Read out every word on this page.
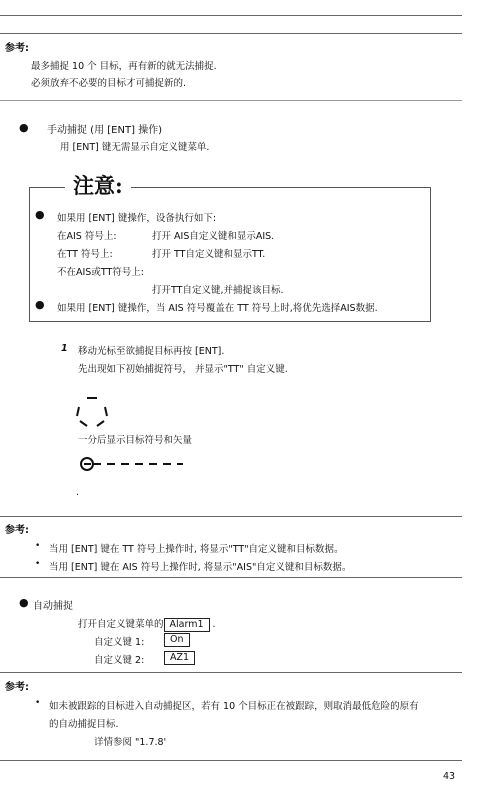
参考:
最多捕捉 10 个 目标，再有新的就无法捕捉.
必须放弃不必要的目标才可捕捉新的.
● 手动捕捉 (用 [ENT] 操作)
用 [ENT] 键无需显示自定义键菜单.
注意:
● 如果用 [ENT] 键操作，设备执行如下:
在AIS 符号上:	打开 AIS自定义键和显示AIS.
在TT 符号上:	打开 TT自定义键和显示TT.
不在AIS或TT符号上:
打开TT自定义键,并捕捉该目标.
● 如果用 [ENT] 键操作，当 AIS 符号覆盖在 TT 符号上时,将优先选择AIS数据.
1 移动光标至欲捕捉目标再按 [ENT].
先出现如下初始捕捉符号， 并显示"TT" 自定义键.
一分后显示目标符号和矢量
.
参考:
• 当用 [ENT] 键在 TT 符号上操作时, 将显示"TT"自定义键和目标数据。
• 当用 [ENT] 键在 AIS 符号上操作时, 将显示"AIS"自定义键和目标数据。
● 自动捕捉
打开自定义键菜单的 Alarm1 .
自定义键 1:	On
自定义键 2:	AZ1
参考:
• 如未被跟踪的目标进入自动捕捉区，若有 10 个目标正在被跟踪，则取消最低危险的原有
的自动捕捉目标.
详情参阅 "1.7.8'
43
